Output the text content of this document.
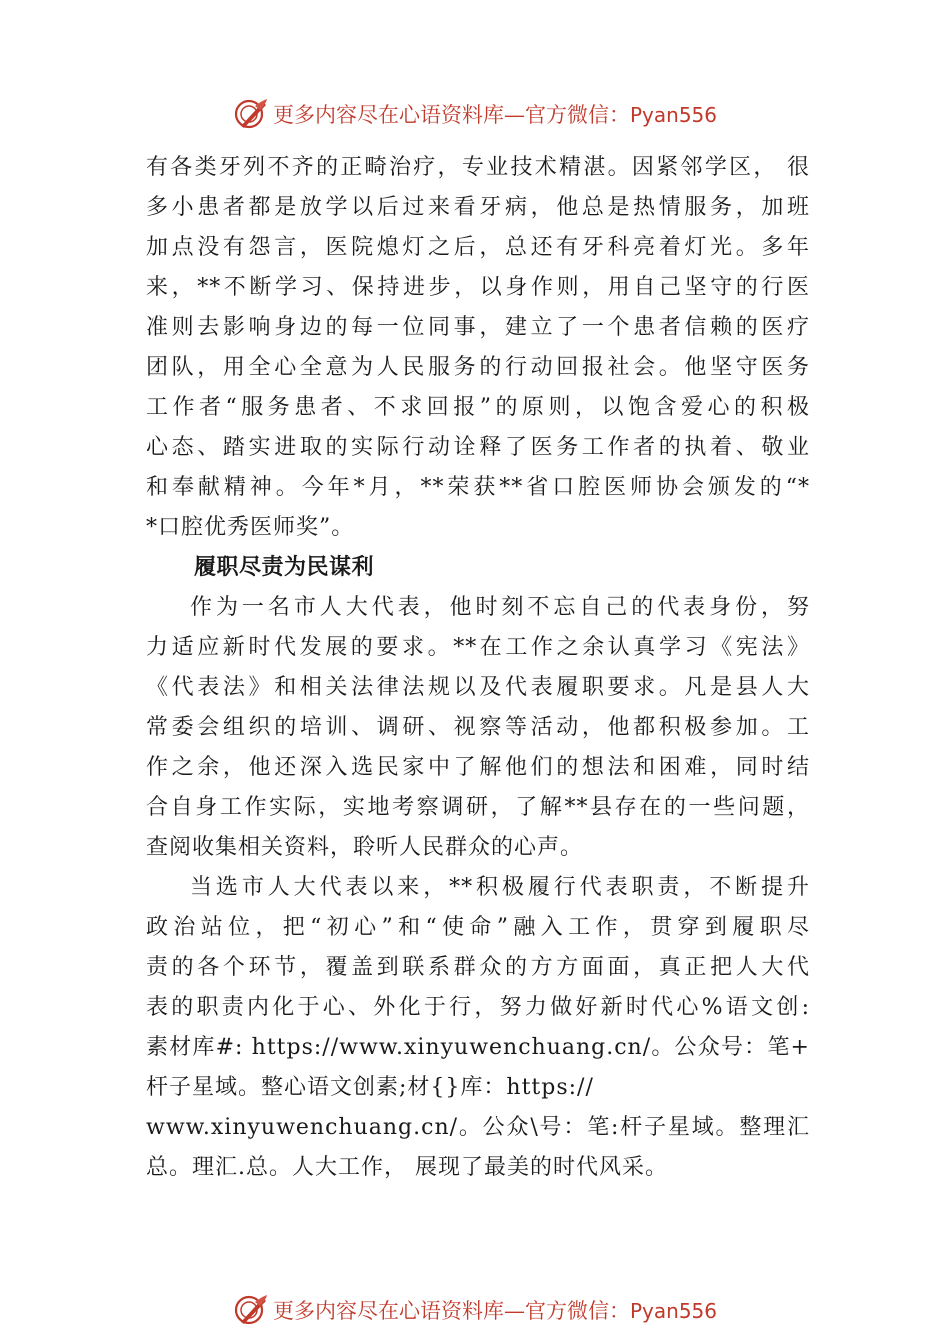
更多内容尽在心语资料库—官方微信：Pyan556
有各类牙列不齐的正畸治疗，专业技术精湛。因紧邻学区， 很
多小患者都是放学以后过来看牙病，他总是热情服务，加班
加点没有怨言，医院熄灯之后，总还有牙科亮着灯光。多年
来，**不断学习、保持进步，以身作则，用自己坚守的行医
准则去影响身边的每一位同事，建立了一个患者信赖的医疗
团队，用全心全意为人民服务的行动回报社会。他坚守医务
工作者“服务患者、不求回报”的原则，以饱含爱心的积极
心态、踏实进取的实际行动诠释了医务工作者的执着、敬业
和奉献精神。今年*月，**荣获**省口腔医师协会颁发的“*
*口腔优秀医师奖”。
履职尽责为民谋利
作为一名市人大代表，他时刻不忘自己的代表身份，努
力适应新时代发展的要求。**在工作之余认真学习《宪法》
《代表法》和相关法律法规以及代表履职要求。凡是县人大
常委会组织的培训、调研、视察等活动，他都积极参加。工
作之余，他还深入选民家中了解他们的想法和困难，同时结
合自身工作实际，实地考察调研，了解**县存在的一些问题，
查阅收集相关资料，聆听人民群众的心声。
当选市人大代表以来，**积极履行代表职责，不断提升
政治站位，把“初心”和“使命”融入工作，贯穿到履职尽
责的各个环节，覆盖到联系群众的方方面面，真正把人大代
表的职责内化于心、外化于行，努力做好新时代心%语文创:
素材库#: https://www.xinyuwenchuang.cn/。公众号：笔+
杆子星域。整心语文创素;材{}库：https://
www.xinyuwenchuang.cn/。公众\号：笔:杆子星域。整理汇
总。理汇.总。人大工作， 展现了最美的时代风采。
更多内容尽在心语资料库—官方微信：Pyan556
